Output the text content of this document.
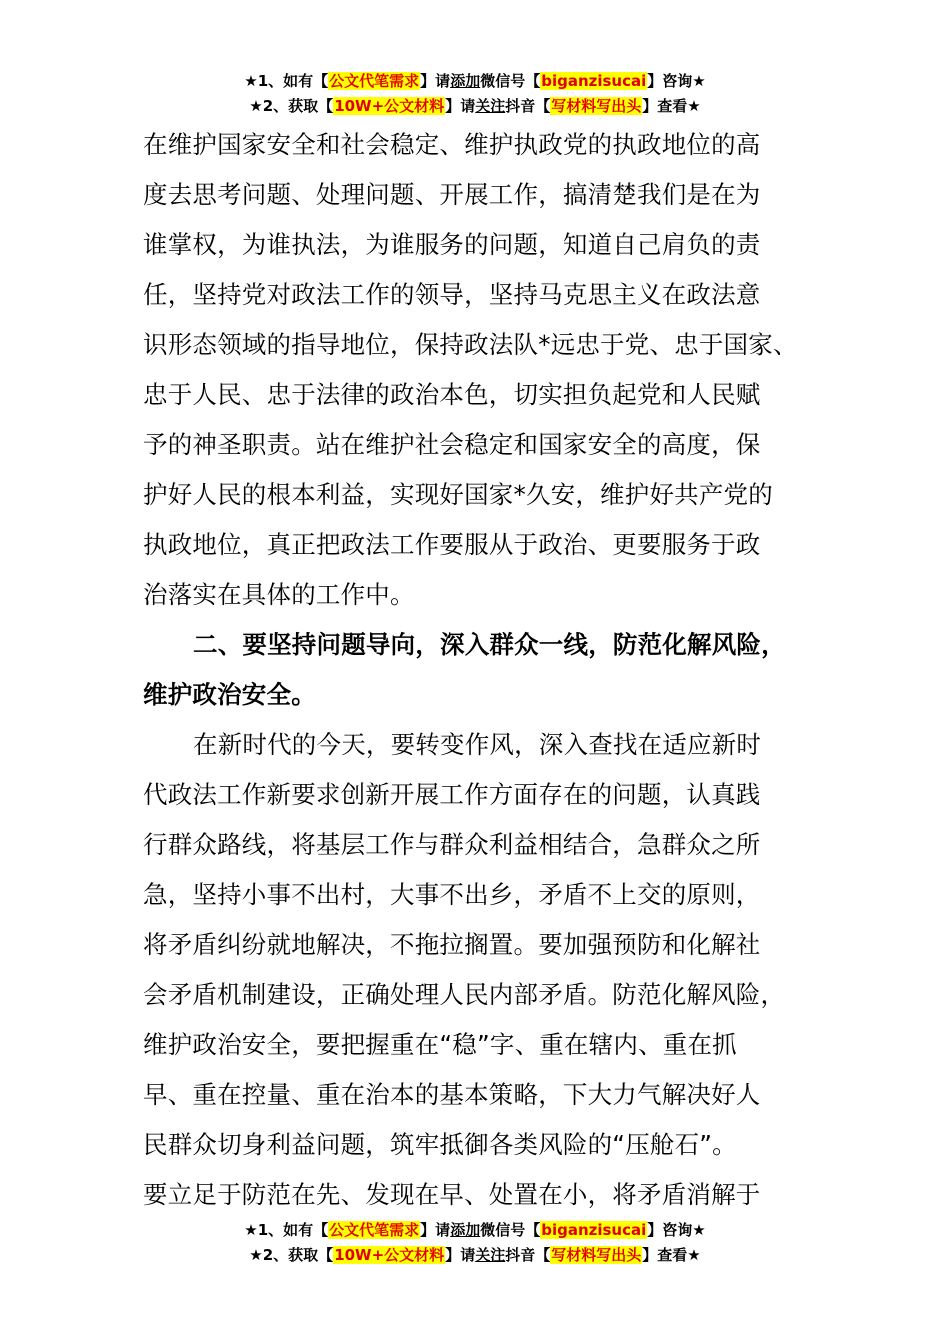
★1、如有【公文代笔需求】请添加微信号【biganzisucai】咨询★
★2、获取【10W+公文材料】请关注抖音【写材料写出头】查看★
在维护国家安全和社会稳定、维护执政党的执政地位的高
度去思考问题、处理问题、开展工作，搞清楚我们是在为
谁掌权，为谁执法，为谁服务的问题，知道自己肩负的责
任，坚持党对政法工作的领导，坚持马克思主义在政法意
识形态领域的指导地位，保持政法队*远忠于党、忠于国家、
忠于人民、忠于法律的政治本色，切实担负起党和人民赋
予的神圣职责。站在维护社会稳定和国家安全的高度，保
护好人民的根本利益，实现好国家*久安，维护好共产党的
执政地位，真正把政法工作要服从于政治、更要服务于政
治落实在具体的工作中。
二、要坚持问题导向，深入群众一线，防范化解风险，
维护政治安全。
在新时代的今天，要转变作风，深入查找在适应新时
代政法工作新要求创新开展工作方面存在的问题，认真践
行群众路线，将基层工作与群众利益相结合，急群众之所
急，坚持小事不出村，大事不出乡，矛盾不上交的原则，
将矛盾纠纷就地解决，不拖拉搁置。要加强预防和化解社
会矛盾机制建设，正确处理人民内部矛盾。防范化解风险，
维护政治安全，要把握重在“稳”字、重在辖内、重在抓
早、重在控量、重在治本的基本策略，下大力气解决好人
民群众切身利益问题，筑牢抵御各类风险的“压舱石”。
要立足于防范在先、发现在早、处置在小，将矛盾消解于
★1、如有【公文代笔需求】请添加微信号【biganzisucai】咨询★
★2、获取【10W+公文材料】请关注抖音【写材料写出头】查看★
